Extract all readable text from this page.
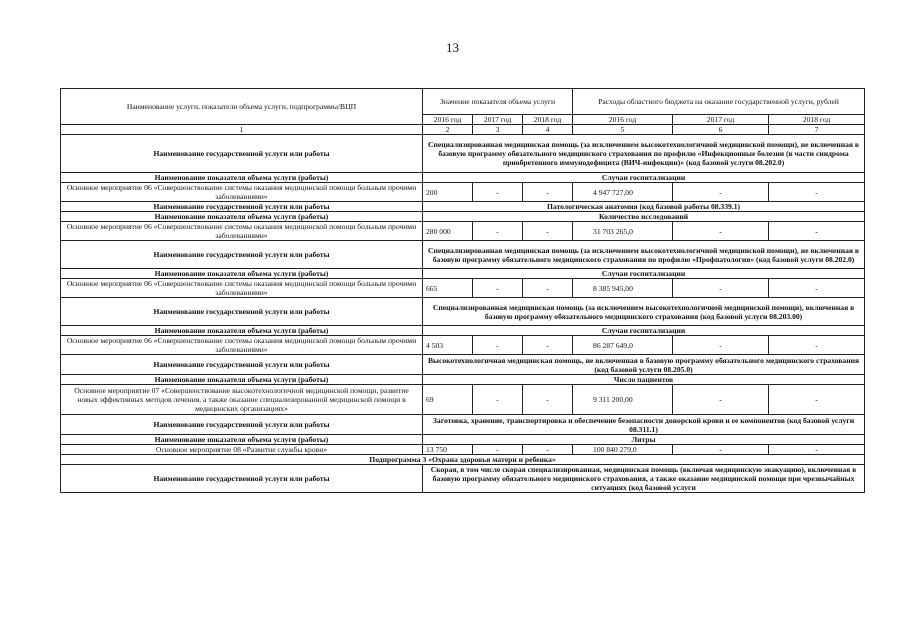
13
Наименование услуги, показатели объема услуги, подпрограммы/ВЦП	Значение показателя объема услуги			Расходы областного бюджета на оказание государственной услуги, рублей		
	2016 год	2017 год	2018 год	2016 год	2017 год	2018 год
1	2	3	4	5	6	7
Наименование государственной услуги или работы	Специализированная медицинская помощь (за исключением высокотехнологичной медицинской помощи), не включенная в базовую программу обязательного медицинского страхования по профилю «Инфекционные болезни (в части синдрома приобретенного иммунодефицита (ВИЧ-инфекции)» (код базовой услуги 08.202.0)					
Наименование показателя объема услуги (работы)	Случаи госпитализации					
Основное мероприятие 06 «Совершенствование системы оказания медицинской помощи больным прочими заболеваниями»	200	-	-	4 947 727,00	-	-
Наименование государственной услуги или работы	Патологическая анатомия (код базовой работы 08.339.1)					
Наименование показателя объема услуги (работы)	Количество исследований					
Основное мероприятие 06 «Совершенствование системы оказания медицинской помощи больным прочими заболеваниями»	280 000	-	-	31 703 265,0	-	-
Наименование государственной услуги или работы	Специализированная медицинская помощь (за исключением высокотехнологичной медицинской помощи), не включенная в базовую программу обязательного медицинского страхования по профилю «Профпатология» (код базовой услуги 08.202.0)					
Наименование показателя объема услуги (работы)	Случаи госпитализации					
Основное мероприятие 06 «Совершенствование системы оказания медицинской помощи больным прочими заболеваниями»	665	-	-	8 385 945,00	-	-
Наименование государственной услуги или работы	Специализированная медицинская помощь (за исключением высокотехнологичной медицинской помощи), включенная в базовую программу обязательного медицинского страхования (код базовой услуги 08.203.00)					
Наименование показателя объема услуги (работы)	Случаи госпитализации					
Основное мероприятие 06 «Совершенствование системы оказания медицинской помощи больным прочими заболеваниями»	4 503	-	-	86 287 649,0	-	-
Наименование государственной услуги или работы	Высокотехнологичная медицинская помощь, не включенная в базовую программу обязательного медицинского страхования (код базовой услуги 08.205.0)					
Наименование показателя объема услуги (работы)	Число пациентов					
Основное мероприятие 07 «Совершенствование высокотехнологичной медицинской помощи, развитие новых эффективных методов лечения, а также оказание специализированной медицинской помощи в медицинских организациях»	69	-	-	9 311 200,00	-	-
Наименование государственной услуги или работы	Заготовка, хранение, транспортировка и обеспечение безопасности донорской крови и ее компонентов (код базовой услуги 08.311.1)					
Наименование показателя объема услуги (работы)	Литры					
Основное мероприятие 08 «Развитие службы крови»	13 750	-	-	100 840 279,0	-	-
Подпрограмма 3 «Охрана здоровья матери и ребенка»						
Наименование государственной услуги или работы	Скорая, в том числе скорая специализированная, медицинская помощь (включая медицинскую эвакуацию), включенная в базовую программу обязательного медицинского страхования, а также оказание медицинской помощи при чрезвычайных ситуациях (код базовой услуги					
